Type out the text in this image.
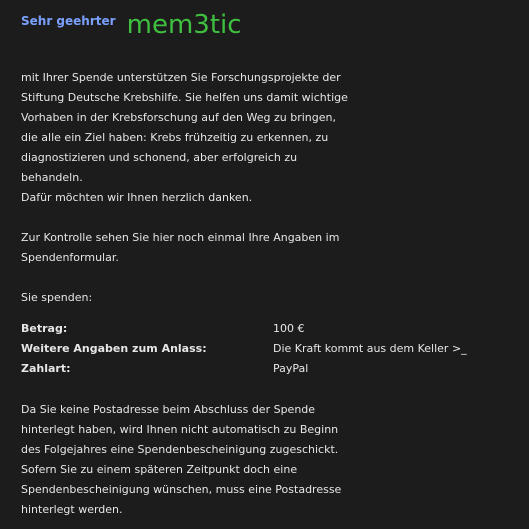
Sehr geehrter mem3tic
mit Ihrer Spende unterstützen Sie Forschungsprojekte der
Stiftung Deutsche Krebshilfe. Sie helfen uns damit wichtige
Vorhaben in der Krebsforschung auf den Weg zu bringen,
die alle ein Ziel haben: Krebs frühzeitig zu erkennen, zu
diagnostizieren und schonend, aber erfolgreich zu
behandeln.
Dafür möchten wir Ihnen herzlich danken.
Zur Kontrolle sehen Sie hier noch einmal Ihre Angaben im
Spendenformular.
Sie spenden:
Betrag:	100 €
Weitere Angaben zum Anlass:	Die Kraft kommt aus dem Keller >_
Zahlart:	PayPal
Da Sie keine Postadresse beim Abschluss der Spende
hinterlegt haben, wird Ihnen nicht automatisch zu Beginn
des Folgejahres eine Spendenbescheinigung zugeschickt.
Sofern Sie zu einem späteren Zeitpunkt doch eine
Spendenbescheinigung wünschen, muss eine Postadresse
hinterlegt werden.
